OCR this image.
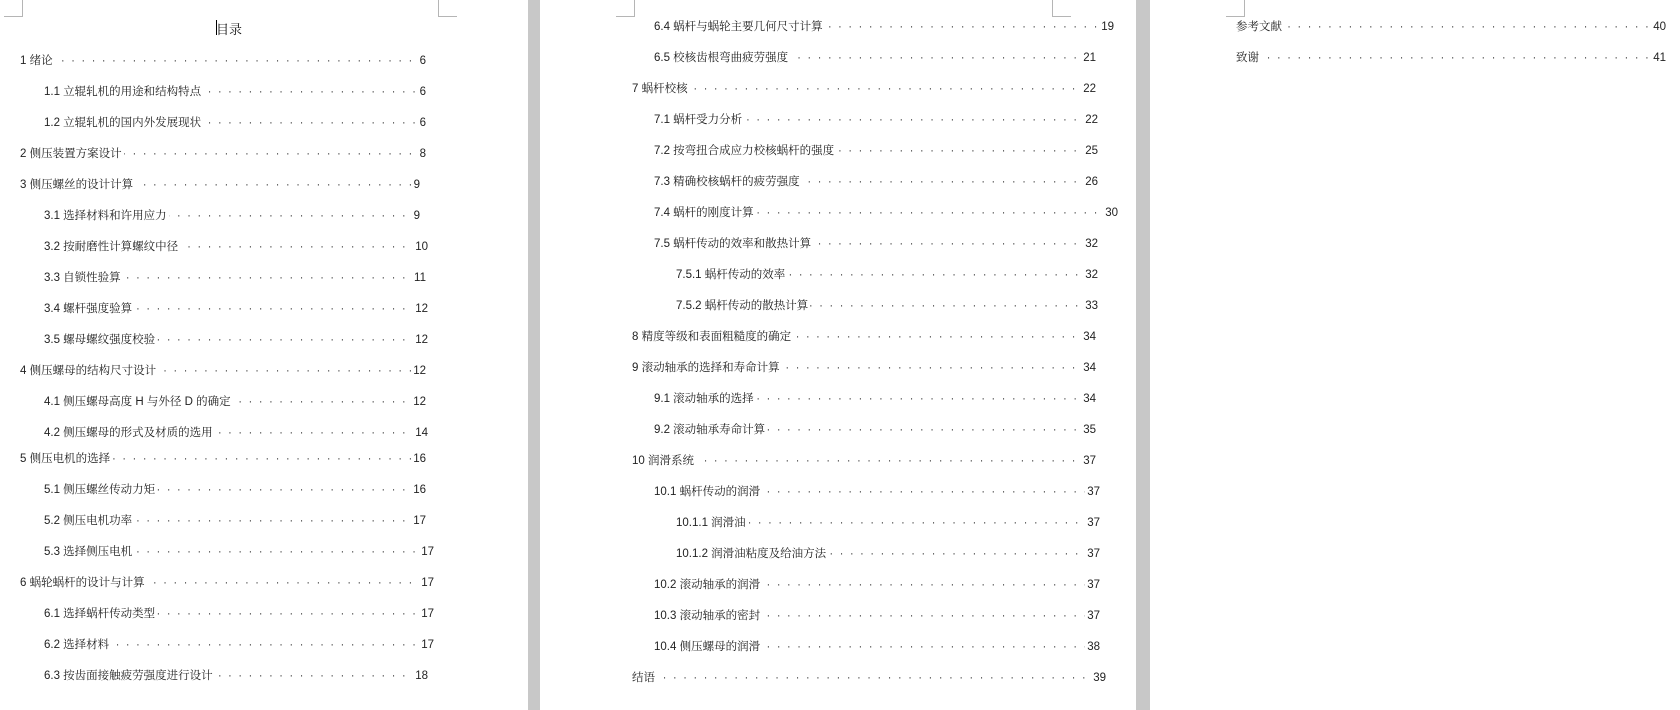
目录
· · · 1 绪论	6
· · · 1.1 立辊轧机的用途和结构特点	6
· · · 1.2 立辊轧机的国内外发展现状	6
· · · 2 侧压装置方案设计	8
· · · 3 侧压螺丝的设计计算	9
· · · 3.1 选择材料和许用应力	9
· · · 3.2 按耐磨性计算螺纹中径	10
· · · 3.3 自锁性验算	11
· · · 3.4 螺杆强度验算	12
· · · 3.5 螺母螺纹强度校验	12
· · · 4 侧压螺母的结构尺寸设计	12
· · · 4.1 侧压螺母高度 H 与外径 D 的确定	12
· · · 4.2 侧压螺母的形式及材质的选用	14
· · · 5 侧压电机的选择	16
· · · 5.1 侧压螺丝传动力矩	16
· · · 5.2 侧压电机功率	17
· · · 5.3 选择侧压电机	17
· · · 6 蜗轮蜗杆的设计与计算	17
· · · 6.1 选择蜗杆传动类型	17
· · · 6.2 选择材料	17
· · · 6.3 按齿面接触疲劳强度进行设计	18
· · · 6.4 蜗杆与蜗轮主要几何尺寸计算	19
· · · 6.5 校核齿根弯曲疲劳强度	21
· · · 7 蜗杆校核	22
· · · 7.1 蜗杆受力分析	22
· · · 7.2 按弯扭合成应力校核蜗杆的强度	25
· · · 7.3 精确校核蜗杆的疲劳强度	26
· · · 7.4 蜗杆的刚度计算	30
· · · 7.5 蜗杆传动的效率和散热计算	32
· · · 7.5.1 蜗杆传动的效率	32
· · · 7.5.2 蜗杆传动的散热计算	33
· · · 8 精度等级和表面粗糙度的确定	34
· · · 9 滚动轴承的选择和寿命计算	34
· · · 9.1 滚动轴承的选择	34
· · · 9.2 滚动轴承寿命计算	35
· · · 10 润滑系统	37
· · · 10.1 蜗杆传动的润滑	37
· · · 10.1.1 润滑油	37
· · · 10.1.2 润滑油粘度及给油方法	37
· · · 10.2 滚动轴承的润滑	37
· · · 10.3 滚动轴承的密封	37
· · · 10.4 侧压螺母的润滑	38
· · · 结语	39
· · · 参考文献	40
· · · 致谢	41
